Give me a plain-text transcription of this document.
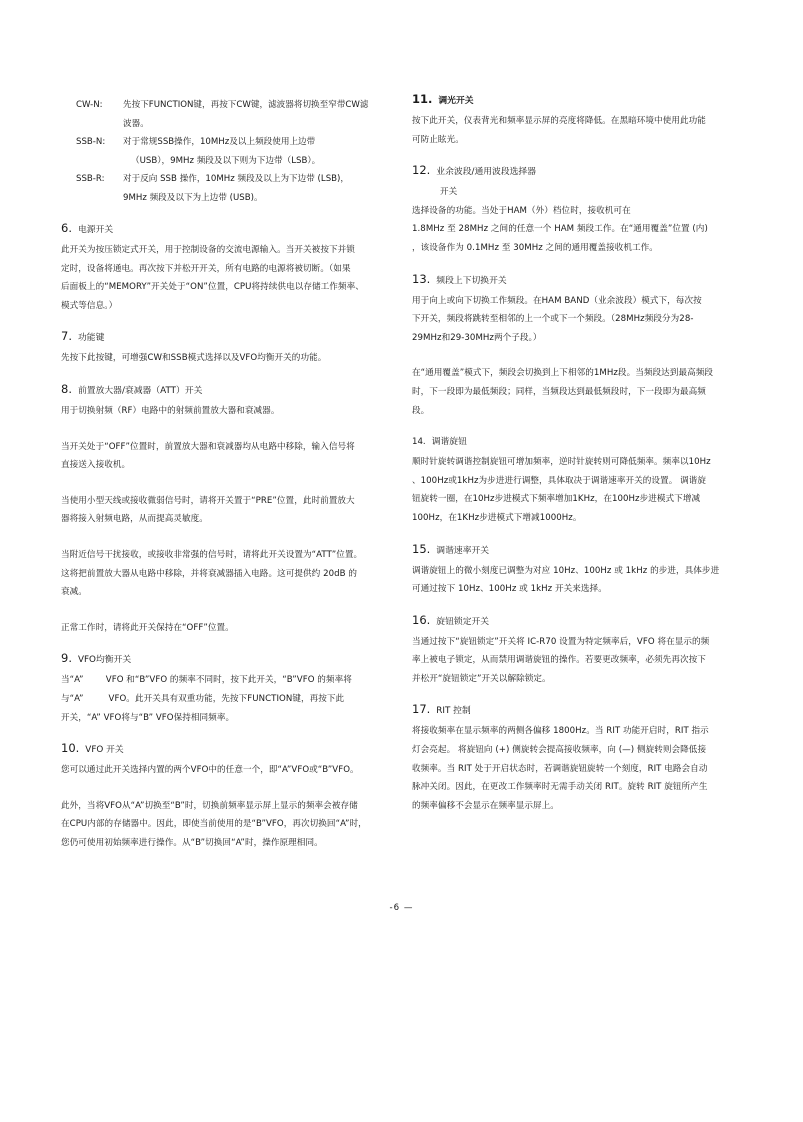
CW-N:	先按下FUNCTION键，再按下CW键，滤波器将切换至窄带CW滤

波器。

SSB-N:	对于常规SSB操作，10MHz及以上频段使用上边带

（USB），9MHz 频段及以下则为下边带（LSB）。

SSB-R:	对于反向 SSB 操作，10MHz 频段及以上为下边带 (LSB)，

9MHz 频段及以下为上边带 (USB)。

6. 电源开关

此开关为按压锁定式开关，用于控制设备的交流电源输入。当开关被按下并锁

定时，设备将通电。再次按下并松开开关，所有电路的电源将被切断。（如果

后面板上的“MEMORY”开关处于“ON”位置，CPU将持续供电以存储工作频率、

模式等信息。）

7. 功能键

先按下此按键，可增强CW和SSB模式选择以及VFO均衡开关的功能。

8. 前置放大器/衰减器（ATT）开关

用于切换射频（RF）电路中的射频前置放大器和衰减器。

当开关处于“OFF”位置时，前置放大器和衰减器均从电路中移除，输入信号将

直接送入接收机。

当使用小型天线或接收微弱信号时，请将开关置于“PRE”位置，此时前置放大

器将接入射频电路，从而提高灵敏度。

当附近信号干扰接收，或接收非常强的信号时，请将此开关设置为“ATT”位置。

这将把前置放大器从电路中移除，并将衰减器插入电路。这可提供约 20dB 的

衰减。

正常工作时，请将此开关保持在“OFF”位置。

9. VFO均衡开关

当“A”        VFO 和“B”VFO 的频率不同时，按下此开关，“B”VFO 的频率将

与“A”         VFO。此开关具有双重功能，先按下FUNCTION键，再按下此

开关，“A” VFO将与“B” VFO保持相同频率。

10. VFO 开关

您可以通过此开关选择内置的两个VFO中的任意一个，即“A”VFO或“B”VFO。

此外，当将VFO从“A”切换至“B”时，切换前频率显示屏上显示的频率会被存储

在CPU内部的存储器中。因此，即使当前使用的是“B”VFO，再次切换回“A”时，

您仍可使用初始频率进行操作。从“B”切换回“A”时，操作原理相同。

11. 调光开关

按下此开关，仪表背光和频率显示屏的亮度将降低。在黑暗环境中使用此功能

可防止眩光。

12. 业余波段/通用波段选择器

开关

选择设备的功能。当处于HAM（外）档位时，接收机可在

1.8MHz 至 28MHz 之间的任意一个 HAM 频段工作。在“通用覆盖”位置 (内)

，该设备作为 0.1MHz 至 30MHz 之间的通用覆盖接收机工作。

13. 频段上下切换开关

用于向上或向下切换工作频段。在HAM BAND（业余波段）模式下，每次按

下开关，频段将跳转至相邻的上一个或下一个频段。（28MHz频段分为28-

29MHz和29-30MHz两个子段。）

在“通用覆盖”模式下，频段会切换到上下相邻的1MHz段。当频段达到最高频段

时，下一段即为最低频段；同样，当频段达到最低频段时，下一段即为最高频

段。

14. 调谐旋钮

顺时针旋转调谐控制旋钮可增加频率，逆时针旋转则可降低频率。频率以10Hz

、100Hz或1kHz为步进进行调整，具体取决于调谐速率开关的设置。 调谐旋

钮旋转一圈，在10Hz步进模式下频率增加1KHz，在100Hz步进模式下增减

100Hz，在1KHz步进模式下增减1000Hz。

15. 调谐速率开关

调谐旋钮上的微小刻度已调整为对应 10Hz、100Hz 或 1kHz 的步进，具体步进

可通过按下 10Hz、100Hz 或 1kHz 开关来选择。

16. 旋钮锁定开关

当通过按下“旋钮锁定”开关将 IC-R70 设置为特定频率后，VFO 将在显示的频

率上被电子锁定，从而禁用调谐旋钮的操作。若要更改频率，必须先再次按下

并松开“旋钮锁定”开关以解除锁定。

17. RIT 控制

将接收频率在显示频率的两侧各偏移 1800Hz。当 RIT 功能开启时，RIT 指示

灯会亮起。 将旋钮向 (+) 侧旋转会提高接收频率，向 (—) 侧旋转则会降低接

收频率。当 RIT 处于开启状态时，若调谐旋钮旋转一个刻度，RIT 电路会自动

脉冲关闭。因此，在更改工作频率时无需手动关闭 RIT。旋转 RIT 旋钮所产生

的频率偏移不会显示在频率显示屏上。

-6 —
